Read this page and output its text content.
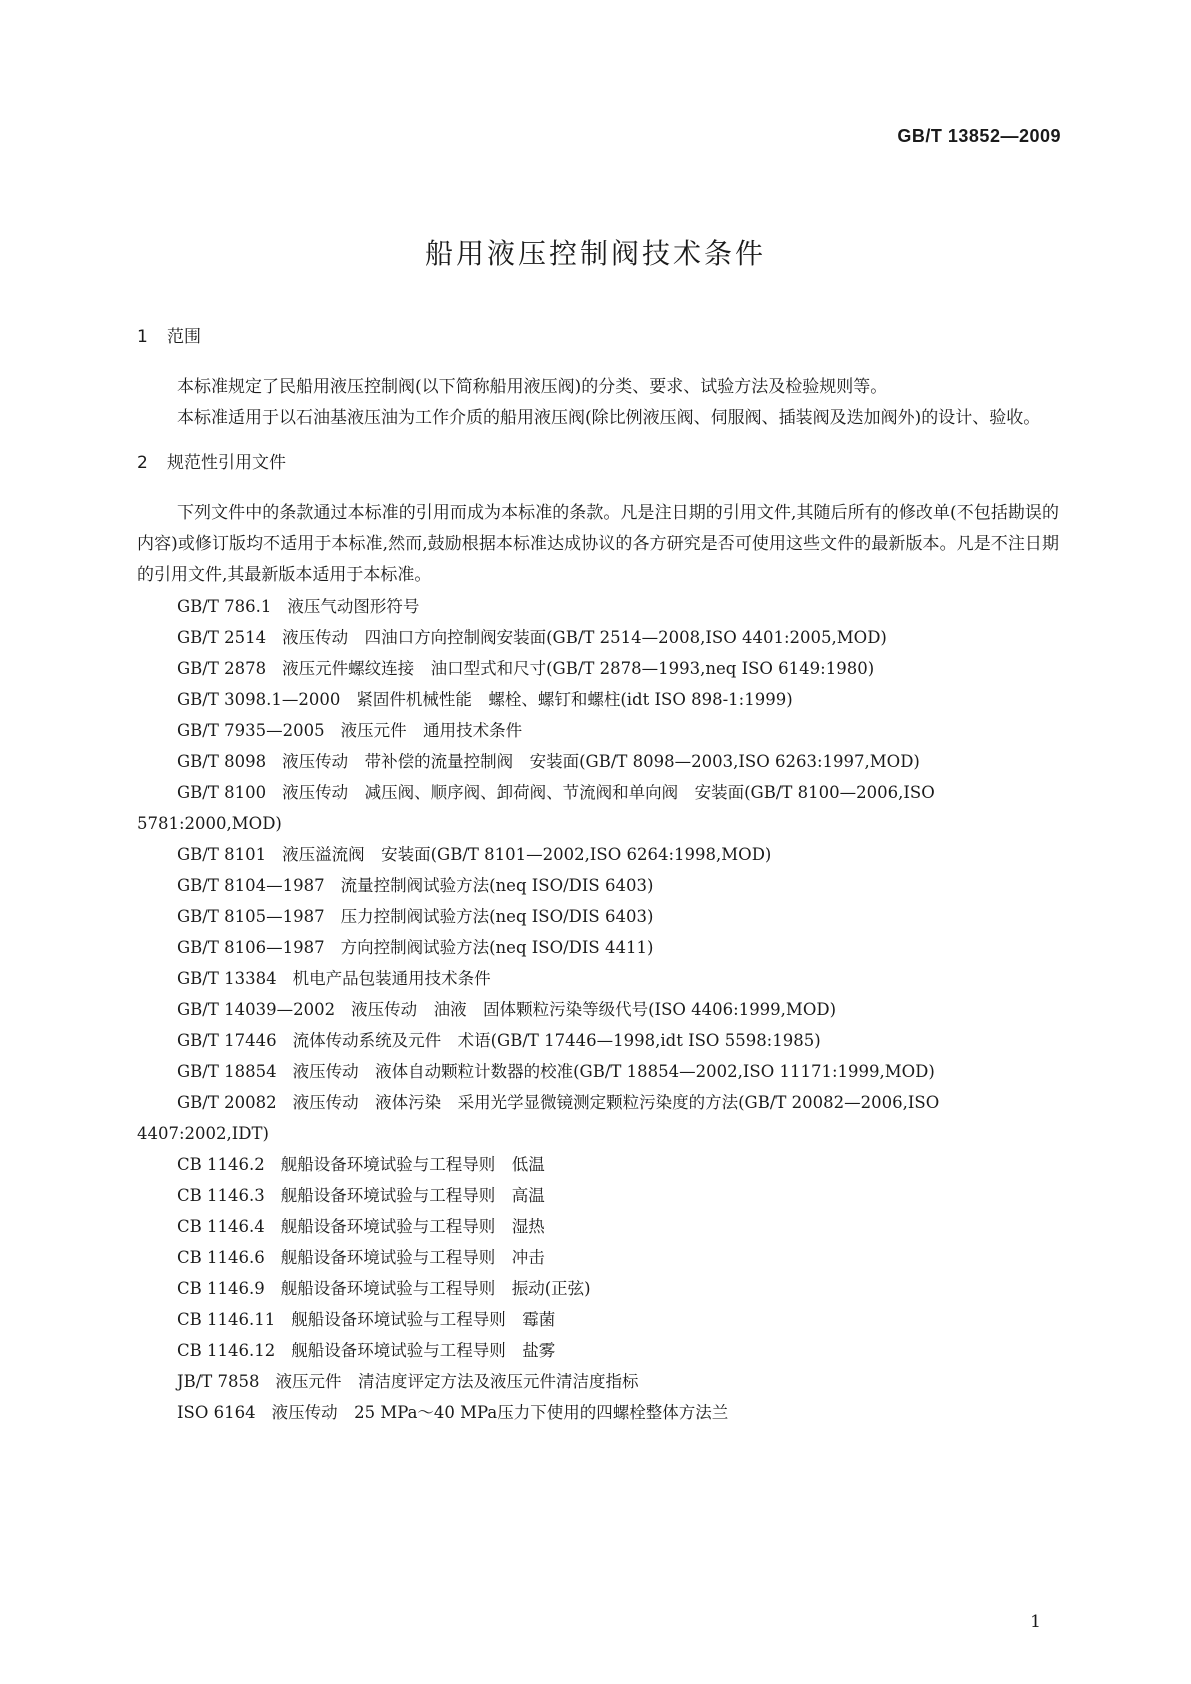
GB/T 13852—2009
船用液压控制阀技术条件
1 范围

本标准规定了民船用液压控制阀(以下简称船用液压阀)的分类、要求、试验方法及检验规则等。

本标准适用于以石油基液压油为工作介质的船用液压阀(除比例液压阀、伺服阀、插装阀及迭加阀外)的设计、验收。

2 规范性引用文件

下列文件中的条款通过本标准的引用而成为本标准的条款。凡是注日期的引用文件,其随后所有的修改单(不包括勘误的内容)或修订版均不适用于本标准,然而,鼓励根据本标准达成协议的各方研究是否可使用这些文件的最新版本。凡是不注日期的引用文件,其最新版本适用于本标准。

GB/T 786.1 液压气动图形符号
GB/T 2514 液压传动　四油口方向控制阀安装面(GB/T 2514—2008,ISO 4401:2005,MOD)
GB/T 2878 液压元件螺纹连接　油口型式和尺寸(GB/T 2878—1993,neq ISO 6149:1980)
GB/T 3098.1—2000 紧固件机械性能　螺栓、螺钉和螺柱(idt ISO 898-1:1999)
GB/T 7935—2005 液压元件　通用技术条件
GB/T 8098 液压传动　带补偿的流量控制阀　安装面(GB/T 8098—2003,ISO 6263:1997,MOD)
GB/T 8100 液压传动　减压阀、顺序阀、卸荷阀、节流阀和单向阀　安装面(GB/T 8100—2006,ISO 5781:2000,MOD)
GB/T 8101 液压溢流阀　安装面(GB/T 8101—2002,ISO 6264:1998,MOD)
GB/T 8104—1987 流量控制阀试验方法(neq ISO/DIS 6403)
GB/T 8105—1987 压力控制阀试验方法(neq ISO/DIS 6403)
GB/T 8106—1987 方向控制阀试验方法(neq ISO/DIS 4411)
GB/T 13384 机电产品包装通用技术条件
GB/T 14039—2002 液压传动　油液　固体颗粒污染等级代号(ISO 4406:1999,MOD)
GB/T 17446 流体传动系统及元件　术语(GB/T 17446—1998,idt ISO 5598:1985)
GB/T 18854 液压传动　液体自动颗粒计数器的校准(GB/T 18854—2002,ISO 11171:1999,MOD)
GB/T 20082 液压传动　液体污染　采用光学显微镜测定颗粒污染度的方法(GB/T 20082—2006,ISO 4407:2002,IDT)
CB 1146.2 舰船设备环境试验与工程导则　低温
CB 1146.3 舰船设备环境试验与工程导则　高温
CB 1146.4 舰船设备环境试验与工程导则　湿热
CB 1146.6 舰船设备环境试验与工程导则　冲击
CB 1146.9 舰船设备环境试验与工程导则　振动(正弦)
CB 1146.11 舰船设备环境试验与工程导则　霉菌
CB 1146.12 舰船设备环境试验与工程导则　盐雾
JB/T 7858 液压元件　清洁度评定方法及液压元件清洁度指标
ISO 6164 液压传动　25 MPa～40 MPa压力下使用的四螺栓整体方法兰
1
